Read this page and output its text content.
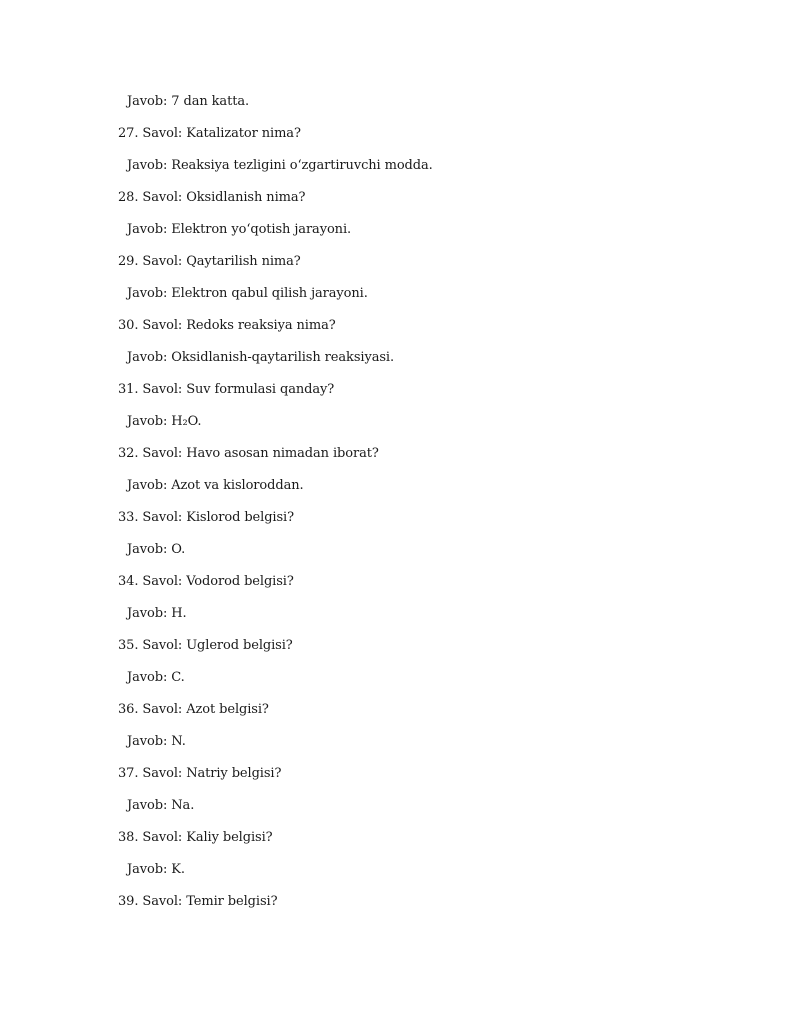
Javob: 7 dan katta.
27. Savol: Katalizator nima?
Javob: Reaksiya tezligini o‘zgartiruvchi modda.
28. Savol: Oksidlanish nima?
Javob: Elektron yo‘qotish jarayoni.
29. Savol: Qaytarilish nima?
Javob: Elektron qabul qilish jarayoni.
30. Savol: Redoks reaksiya nima?
Javob: Oksidlanish-qaytarilish reaksiyasi.
31. Savol: Suv formulasi qanday?
Javob: H₂O.
32. Savol: Havo asosan nimadan iborat?
Javob: Azot va kisloroddan.
33. Savol: Kislorod belgisi?
Javob: O.
34. Savol: Vodorod belgisi?
Javob: H.
35. Savol: Uglerod belgisi?
Javob: C.
36. Savol: Azot belgisi?
Javob: N.
37. Savol: Natriy belgisi?
Javob: Na.
38. Savol: Kaliy belgisi?
Javob: K.
39. Savol: Temir belgisi?
